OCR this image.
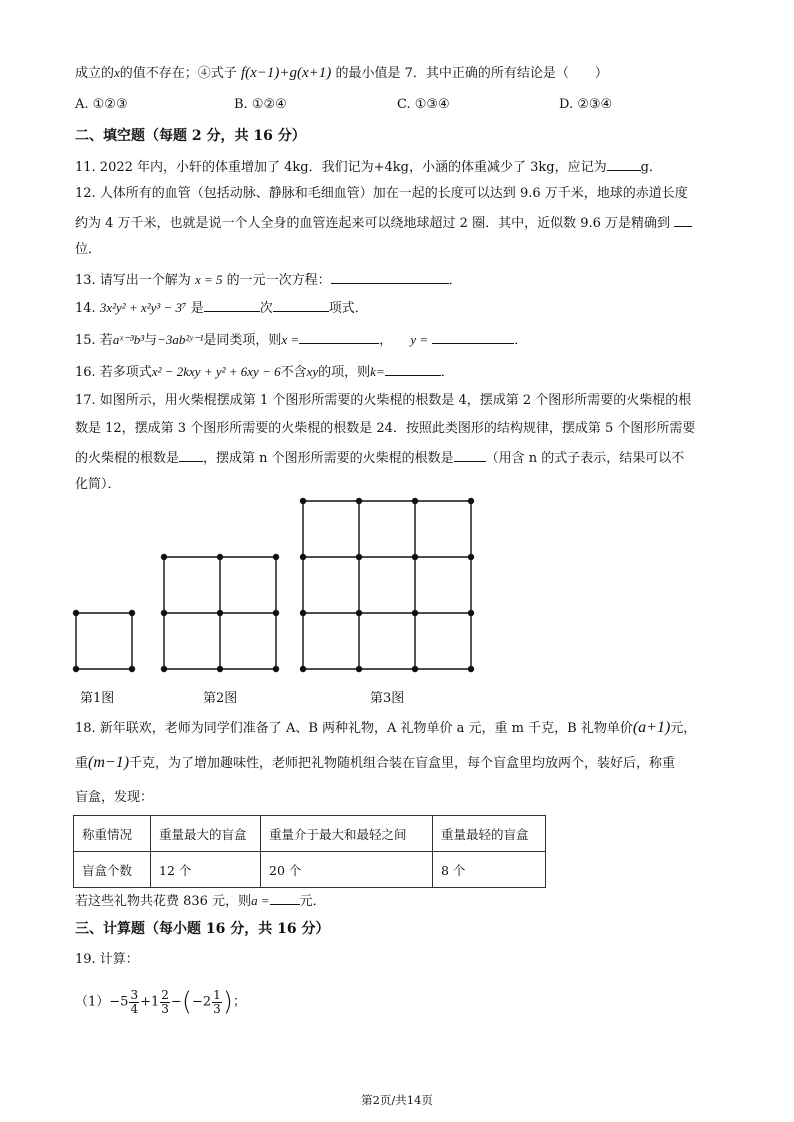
成立的x的值不存在；④式子 f(x−1)+g(x+1) 的最小值是 7．其中正确的所有结论是（　　）
A. ①②③	B. ①②④	C. ①③④	D. ②③④
二、填空题（每题 2 分，共 16 分）
11. 2022 年内，小轩的体重增加了 4kg．我们记为+4kg，小涵的体重减少了 3kg，应记为	g．
12. 人体所有的血管（包括动脉、静脉和毛细血管）加在一起的长度可以达到 9.6 万千米，地球的赤道长度
约为 4 万千米，也就是说一个人全身的血管连起来可以绕地球超过 2 圈．其中，近似数 9.6 万是精确到
位．
13. 请写出一个解为 x = 5 的一元一次方程：	．
14. 3x²y² + x²y³ − 3⁷ 是	次	项式．
15. 若aˣ⁻³b³与−3ab²ʸ⁻¹是同类项，则x =	， y =	．
16. 若多项式x² − 2kxy + y² + 6xy − 6不含xy的项，则k=	．
17. 如图所示，用火柴棍摆成第 1 个图形所需要的火柴棍的根数是 4，摆成第 2 个图形所需要的火柴棍的根
数是 12，摆成第 3 个图形所需要的火柴棍的根数是 24．按照此类图形的结构规律，摆成第 5 个图形所需要
的火柴棍的根数是 ，摆成第 n 个图形所需要的火柴棍的根数是 （用含 n 的式子表示，结果可以不
化简）．
第1图	第2图	第3图
18. 新年联欢，老师为同学们准备了 A、B 两种礼物，A 礼物单价 a 元，重 m 千克，B 礼物单价(a+1)元，
重(m−1)千克，为了增加趣味性，老师把礼物随机组合装在盲盒里，每个盲盒里均放两个，装好后，称重
盲盒，发现：
称重情况	重量最大的盲盒	重量介于最大和最轻之间	重量最轻的盲盒
盲盒个数	12 个	20 个	8 个
若这些礼物共花费 836 元，则a = 元．
三、计算题（每小题 16 分，共 16 分）
19. 计算：
$(1)-5 \frac{3}{4} +1 \frac{2}{3} -(-2 \frac{1}{3}$ )；
第2页/共14页
